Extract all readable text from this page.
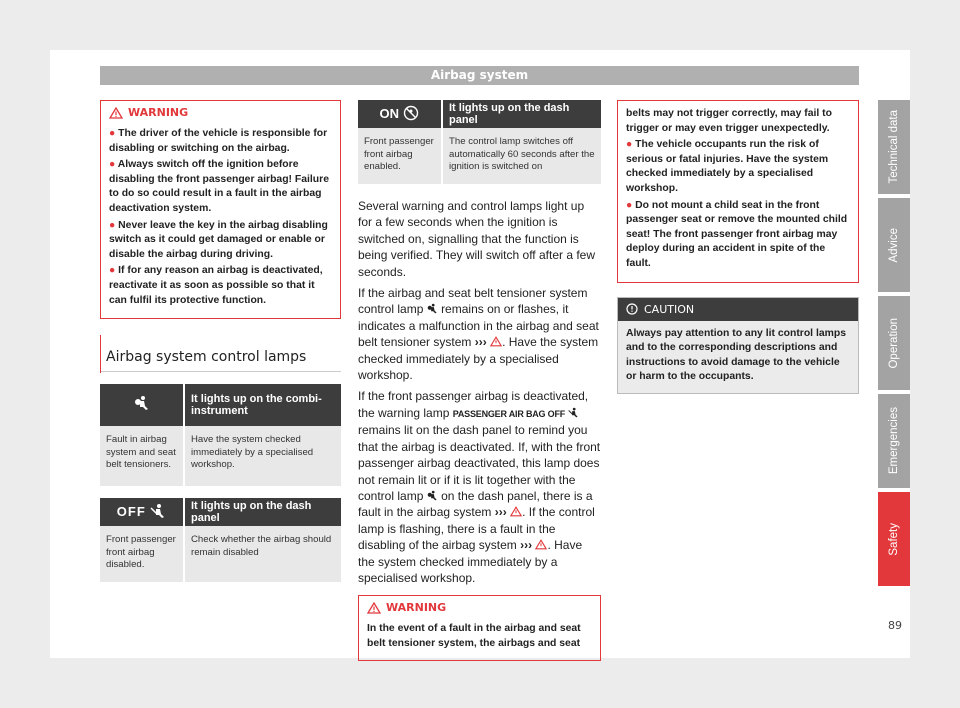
Airbag system
WARNING

● The driver of the vehicle is responsible for disabling or switching on the airbag.

● Always switch off the ignition before disabling the front passenger airbag! Failure to do so could result in a fault in the airbag deactivation system.

● Never leave the key in the airbag disabling switch as it could get damaged or enable or disable the airbag during driving.

● If for any reason an airbag is deactivated, reactivate it as soon as possible so that it can fulfil its protective function.

Airbag system control lamps
	It lights up on the combi-instrument
Fault in airbag system and seat belt tensioners.	Have the system checked immediately by a specialised workshop.
OFF	It lights up on the dash panel
Front passenger front airbag disabled.	Check whether the airbag should remain disabled
ON	It lights up on the dash panel
Front passenger front airbag enabled.	The control lamp switches off automatically 60 seconds after the ignition is switched on

Several warning and control lamps light up for a few seconds when the ignition is switched on, signalling that the function is being verified. They will switch off after a few seconds.

If the airbag and seat belt tensioner system control lamp remains on or flashes, it indicates a malfunction in the airbag and seat belt tensioner system ››› . Have the system checked immediately by a specialised workshop.

If the front passenger airbag is deactivated, the warning lamp PASSENGER AIR BAG OFF  remains lit on the dash panel to remind you that the airbag is deactivated. If, with the front passenger airbag deactivated, this lamp does not remain lit or if it is lit together with the control lamp on the dash panel, there is a fault in the airbag system ››› . If the control lamp is flashing, there is a fault in the disabling of the airbag system ››› . Have the system checked immediately by a specialised workshop.

WARNING
In the event of a fault in the airbag and seat belt tensioner system, the airbags and seat

belts may not trigger correctly, may fail to trigger or may even trigger unexpectedly.

● The vehicle occupants run the risk of serious or fatal injuries. Have the system checked immediately by a specialised workshop.

● Do not mount a child seat in the front passenger seat or remove the mounted child seat! The front passenger front airbag may deploy during an accident in spite of the fault.

CAUTION
Always pay attention to any lit control lamps and to the corresponding descriptions and instructions to avoid damage to the vehicle or harm to the occupants.
Technical data
Advice
Operation
Emergencies
Safety
89
